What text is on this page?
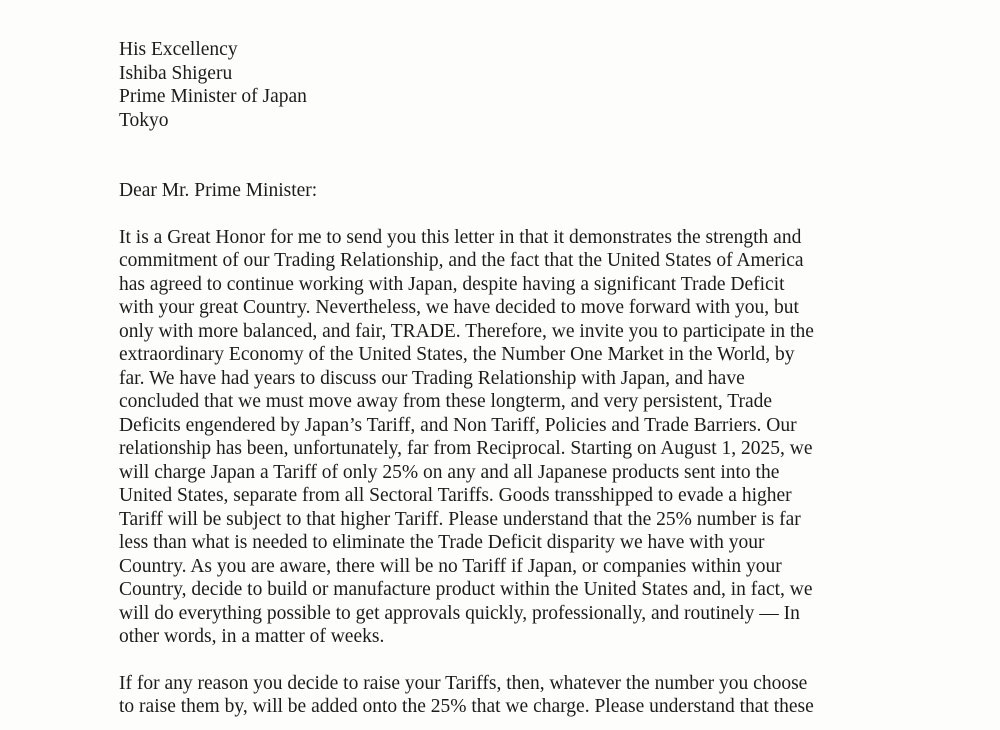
His Excellency
Ishiba Shigeru
Prime Minister of Japan
Tokyo
Dear Mr. Prime Minister:
It is a Great Honor for me to send you this letter in that it demonstrates the strength and
commitment of our Trading Relationship, and the fact that the United States of America
has agreed to continue working with Japan, despite having a significant Trade Deficit
with your great Country. Nevertheless, we have decided to move forward with you, but
only with more balanced, and fair, TRADE. Therefore, we invite you to participate in the
extraordinary Economy of the United States, the Number One Market in the World, by
far. We have had years to discuss our Trading Relationship with Japan, and have
concluded that we must move away from these longterm, and very persistent, Trade
Deficits engendered by Japan’s Tariff, and Non Tariff, Policies and Trade Barriers. Our
relationship has been, unfortunately, far from Reciprocal. Starting on August 1, 2025, we
will charge Japan a Tariff of only 25% on any and all Japanese products sent into the
United States, separate from all Sectoral Tariffs. Goods transshipped to evade a higher
Tariff will be subject to that higher Tariff. Please understand that the 25% number is far
less than what is needed to eliminate the Trade Deficit disparity we have with your
Country. As you are aware, there will be no Tariff if Japan, or companies within your
Country, decide to build or manufacture product within the United States and, in fact, we
will do everything possible to get approvals quickly, professionally, and routinely — In
other words, in a matter of weeks.
If for any reason you decide to raise your Tariffs, then, whatever the number you choose
to raise them by, will be added onto the 25% that we charge. Please understand that these
